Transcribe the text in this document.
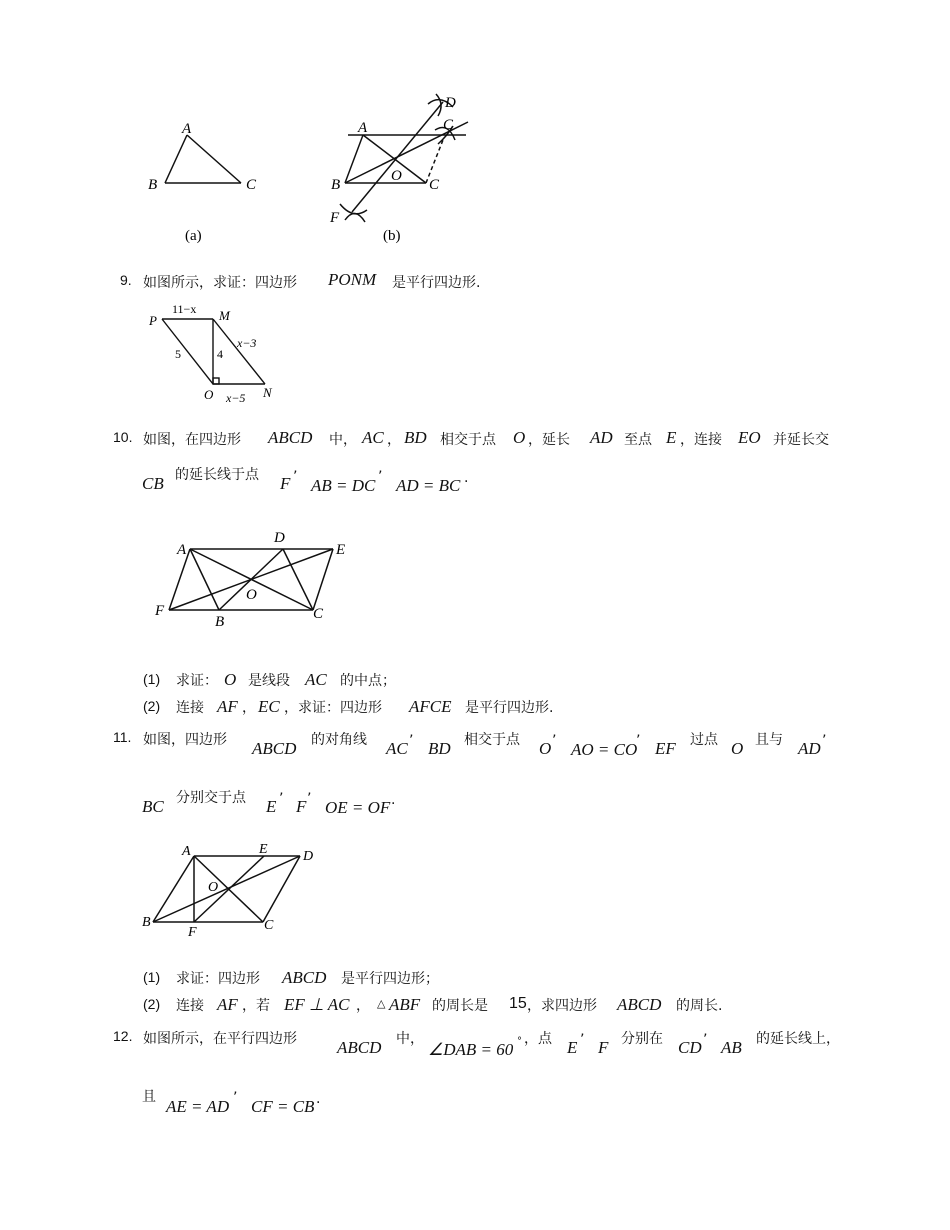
A
B	C
(a)
D
C
A
O
B	C
F
(b)
9. 如图所示，求证：四边形 PONM 是平行四边形.
P	M
O	N
11−x
5	4
x−3
x−5
10. 如图，在四边形 ABCD 中， AC ， BD 相交于点 O ，延长 AD 至点 E ，连接 EO 并延长交
CB 的延长线于点 F ’ AB = DC ’ AD = BC .
A
D
E
O
F
B	C
(1) 求证： O 是线段 AC 的中点；
(2) 连接 AF ， EC ，求证：四边形 AFCE 是平行四边形.
11. 如图，四边形 ABCD 的对角线 AC ’ BD 相交于点 O ’ AO = CO
’ EF 过点 O 且与 AD ’
BC 分别交于点 E ’ F ’ OE = OF .
A	E	D
O
B
F	C
(1) 求证：四边形 ABCD 是平行四边形；
(2) 连接 AF ，若 EF ⊥ AC ， △ ABF 的周长是 15 ，求四边形 ABCD 的周长.
12. 如图所示，在平行四边形 ABCD 中，
∠DAB = 60 ° ，点 E ’ F 分别在 CD ’ AB 的延长线上，
且 AE = AD ’ CF = CB .
